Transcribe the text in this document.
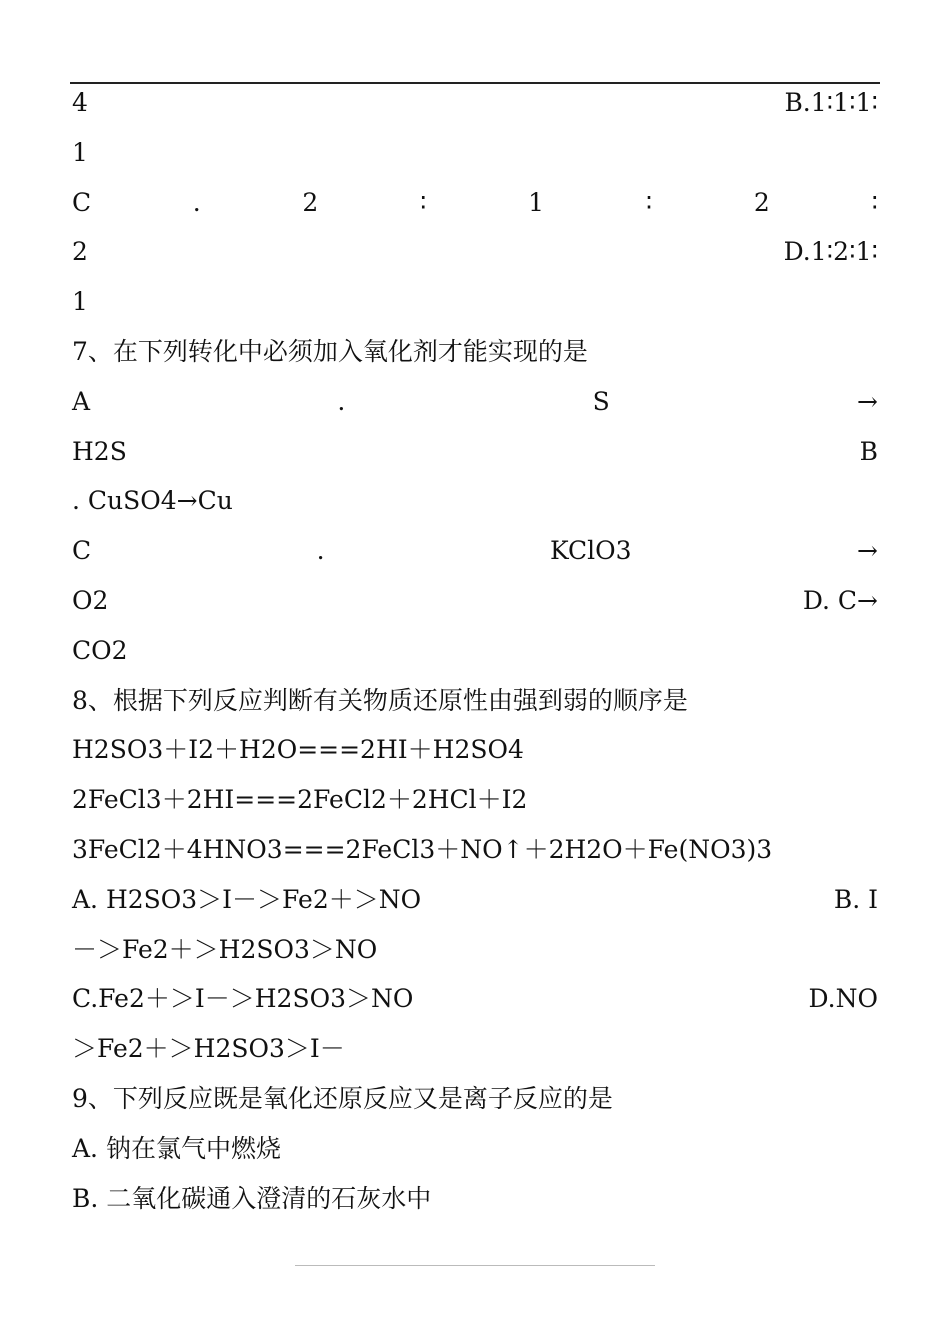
4	B.1∶1∶1∶
1
C	.	2	∶	1	∶	2	∶
2	D.1∶2∶1∶
1
7、在下列转化中必须加入氧化剂才能实现的是
A	.	S	→
H2S	B
. CuSO4→Cu
C	.	KClO3	→
O2	D. C→
CO2
8、根据下列反应判断有关物质还原性由强到弱的顺序是
H2SO3＋I2＋H2O===2HI＋H2SO4
2FeCl3＋2HI===2FeCl2＋2HCl＋I2
3FeCl2＋4HNO3===2FeCl3＋NO↑＋2H2O＋Fe(NO3)3
A. H2SO3＞I－＞Fe2＋＞NO	B. I
－＞Fe2＋＞H2SO3＞NO
C.Fe2＋＞I－＞H2SO3＞NO	D.NO
＞Fe2＋＞H2SO3＞I－
9、下列反应既是氧化还原反应又是离子反应的是
A. 钠在氯气中燃烧
B. 二氧化碳通入澄清的石灰水中
